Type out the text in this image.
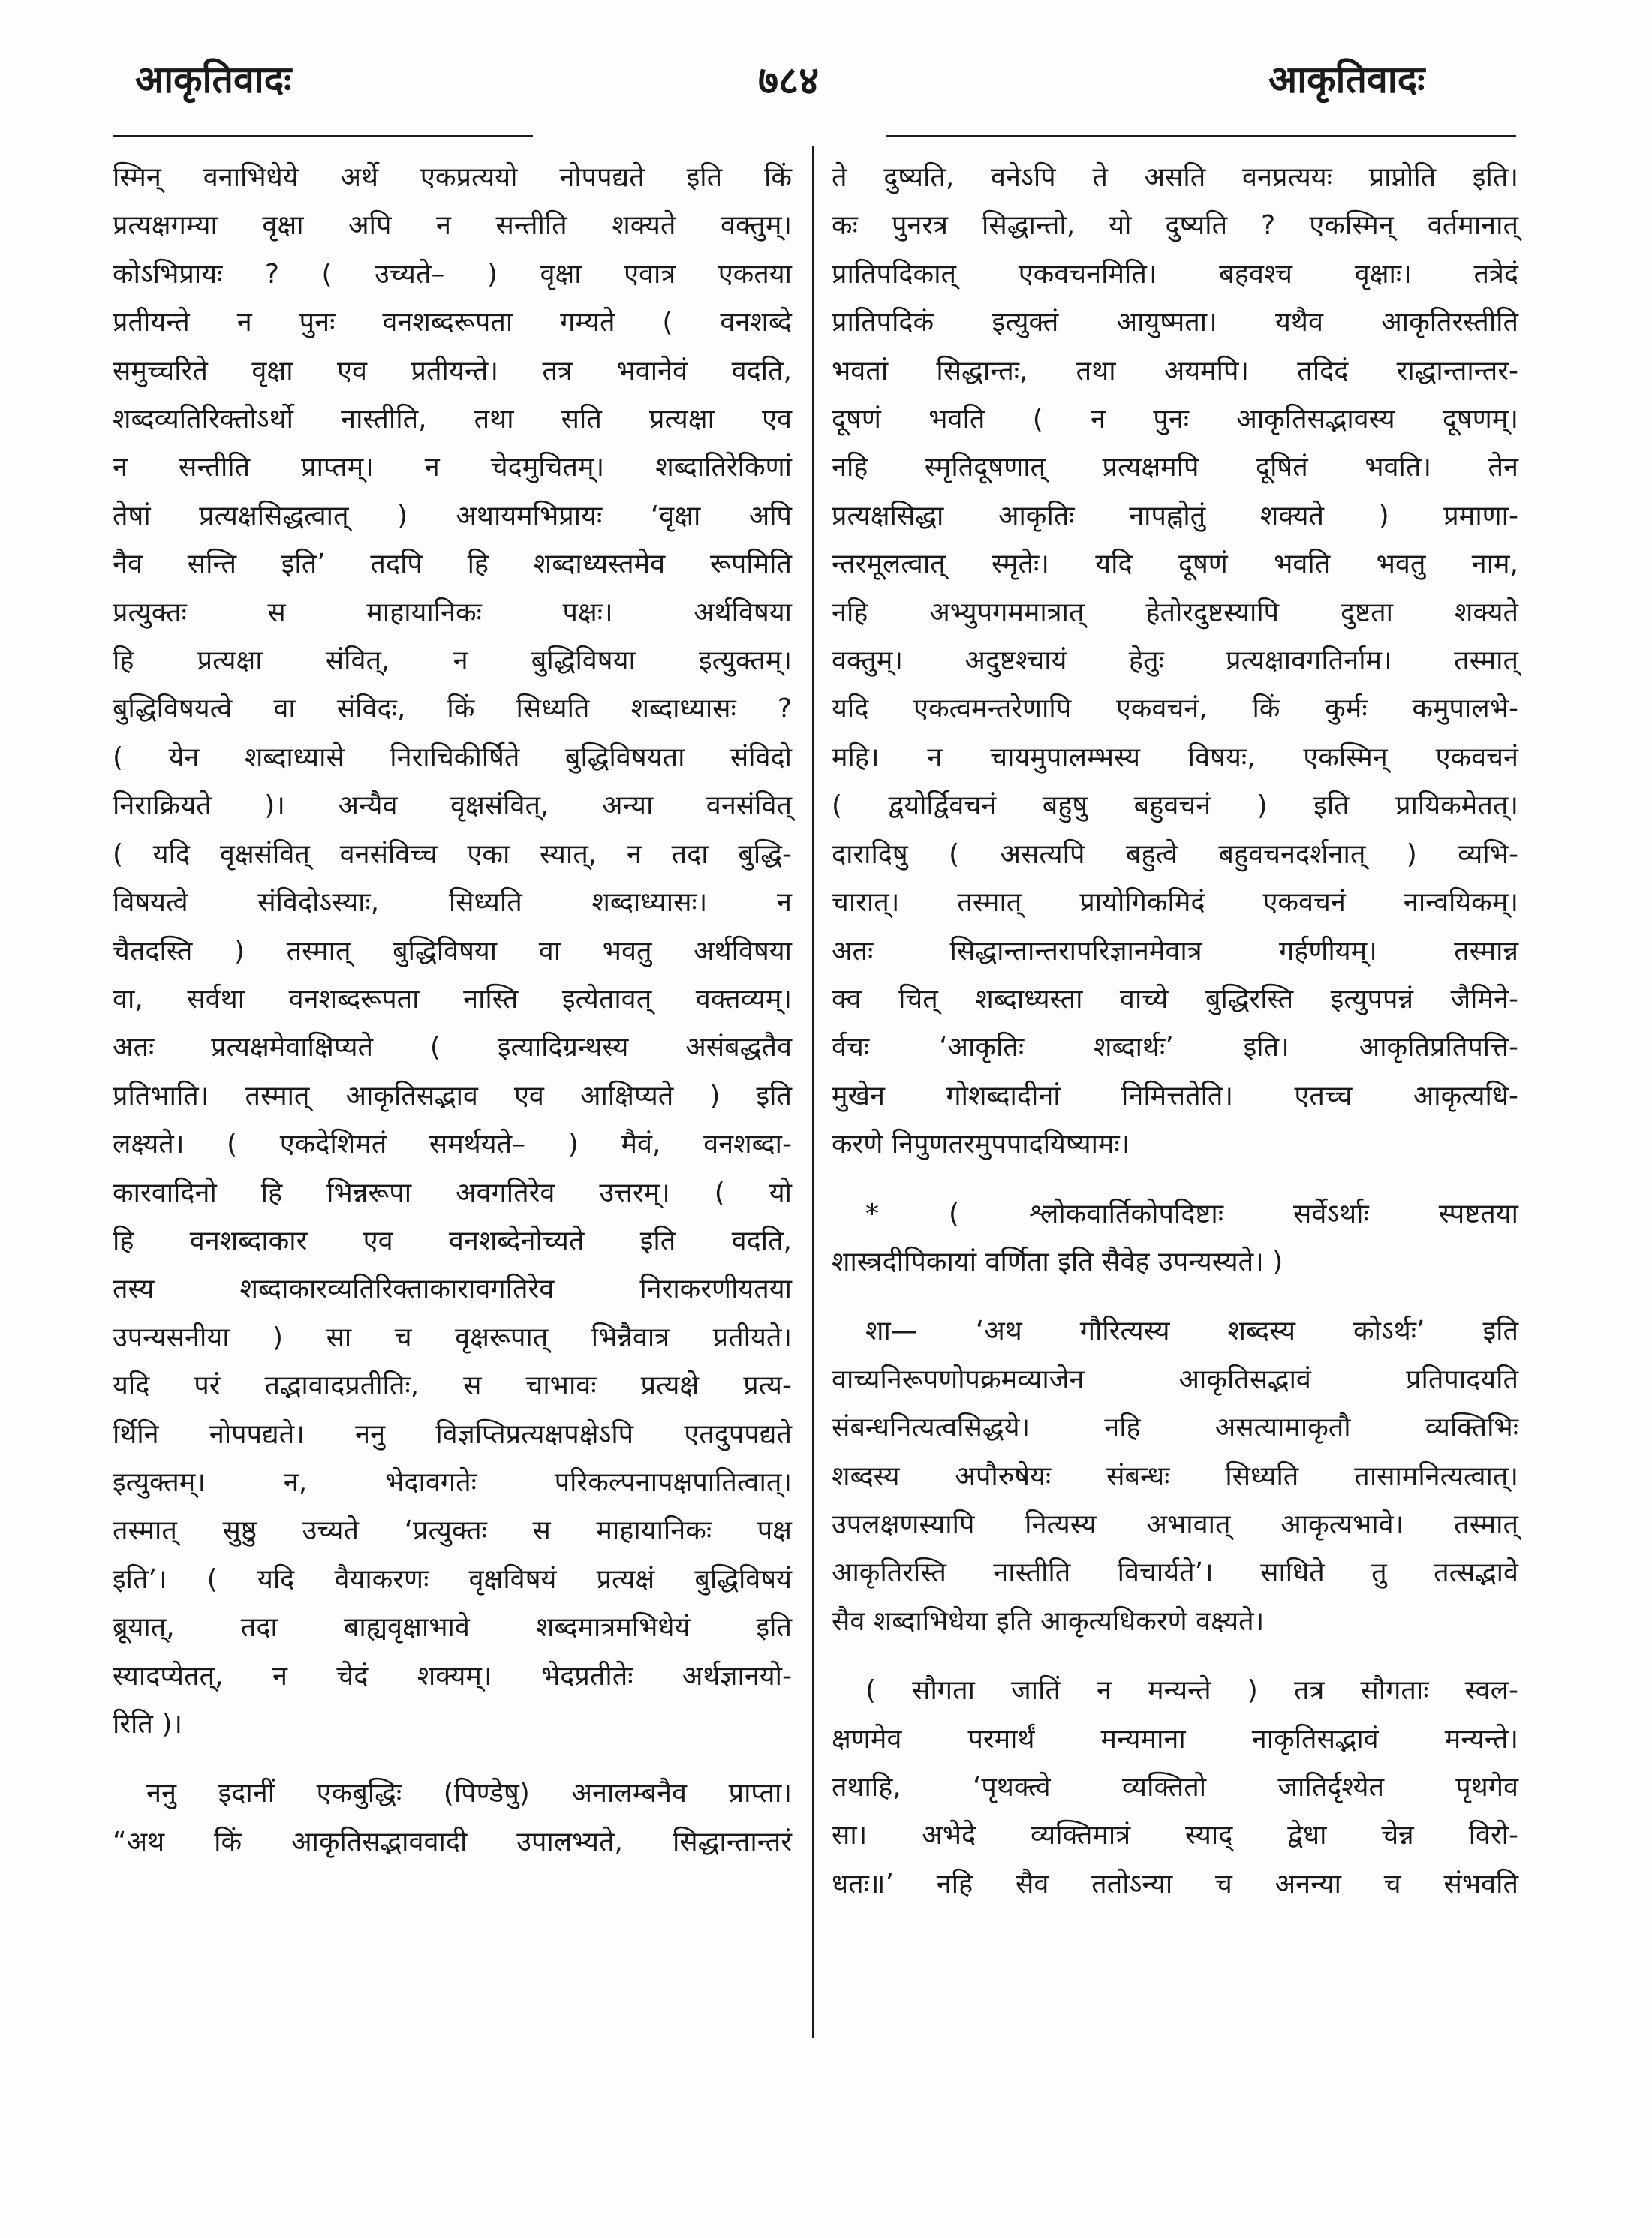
आकृतिवादः	७८४	आकृतिवादः

स्मिन् वनाभिधेये अर्थे एकप्रत्ययो नोपपद्यते इति किं

प्रत्यक्षगम्या वृक्षा अपि न सन्तीति शक्यते वक्तुम्।

कोऽभिप्रायः ? ( उच्यते– ) वृक्षा एवात्र एकतया

प्रतीयन्ते न पुनः वनशब्दरूपता गम्यते ( वनशब्दे

समुच्चरिते वृक्षा एव प्रतीयन्ते। तत्र भवानेवं वदति,

शब्दव्यतिरिक्तोऽर्थो नास्तीति, तथा सति प्रत्यक्षा एव

न सन्तीति प्राप्तम्। न चेदमुचितम्। शब्दातिरेकिणां

तेषां प्रत्यक्षसिद्धत्वात् ) अथायमभिप्रायः ‘वृक्षा अपि

नैव सन्ति इति’ तदपि हि शब्दाध्यस्तमेव रूपमिति

प्रत्युक्तः स माहायानिकः पक्षः। अर्थविषया

हि प्रत्यक्षा संवित्, न बुद्धिविषया इत्युक्तम्।

बुद्धिविषयत्वे वा संविदः, किं सिध्यति शब्दाध्यासः ?

( येन शब्दाध्यासे निराचिकीर्षिते बुद्धिविषयता संविदो

निराक्रियते )। अन्यैव वृक्षसंवित्, अन्या वनसंवित्

( यदि वृक्षसंवित् वनसंविच्च एका स्यात्, न तदा बुद्धि-

विषयत्वे संविदोऽस्याः, सिध्यति शब्दाध्यासः। न

चैतदस्ति ) तस्मात् बुद्धिविषया वा भवतु अर्थविषया

वा, सर्वथा वनशब्दरूपता नास्ति इत्येतावत् वक्तव्यम्।

अतः प्रत्यक्षमेवाक्षिप्यते ( इत्यादिग्रन्थस्य असंबद्धतैव

प्रतिभाति। तस्मात् आकृतिसद्भाव एव आक्षिप्यते ) इति

लक्ष्यते। ( एकदेशिमतं समर्थयते– ) मैवं, वनशब्दा-

कारवादिनो हि भिन्नरूपा अवगतिरेव उत्तरम्। ( यो

हि वनशब्दाकार एव वनशब्देनोच्यते इति वदति,

तस्य शब्दाकारव्यतिरिक्ताकारावगतिरेव निराकरणीयतया

उपन्यसनीया ) सा च वृक्षरूपात् भिन्नैवात्र प्रतीयते।

यदि परं तद्भावादप्रतीतिः, स चाभावः प्रत्यक्षे प्रत्य-

र्थिनि नोपपद्यते। ननु विज्ञप्तिप्रत्यक्षपक्षेऽपि एतदुपपद्यते

इत्युक्तम्। न, भेदावगतेः परिकल्पनापक्षपातित्वात्।

तस्मात् सुष्ठु उच्यते ‘प्रत्युक्तः स माहायानिकः पक्ष

इति’। ( यदि वैयाकरणः वृक्षविषयं प्रत्यक्षं बुद्धिविषयं

ब्रूयात्, तदा बाह्यवृक्षाभावे शब्दमात्रमभिधेयं इति

स्यादप्येतत्, न चेदं शक्यम्। भेदप्रतीतेः अर्थज्ञानयो-

रिति )।

ननु इदानीं एकबुद्धिः (पिण्डेषु) अनालम्बनैव प्राप्ता।

“अथ किं आकृतिसद्भाववादी उपालभ्यते, सिद्धान्तान्तरं

ते दुष्यति, वनेऽपि ते असति वनप्रत्ययः प्राप्नोति इति।

कः पुनरत्र सिद्धान्तो, यो दुष्यति ? एकस्मिन् वर्तमानात्

प्रातिपदिकात् एकवचनमिति। बहवश्च वृक्षाः। तत्रेदं

प्रातिपदिकं इत्युक्तं आयुष्मता। यथैव आकृतिरस्तीति

भवतां सिद्धान्तः, तथा अयमपि। तदिदं राद्धान्तान्तर-

दूषणं भवति ( न पुनः आकृतिसद्भावस्य दूषणम्।

नहि स्मृतिदूषणात् प्रत्यक्षमपि दूषितं भवति। तेन

प्रत्यक्षसिद्धा आकृतिः नापह्नोतुं शक्यते ) प्रमाणा-

न्तरमूलत्वात् स्मृतेः। यदि दूषणं भवति भवतु नाम,

नहि अभ्युपगममात्रात् हेतोरदुष्टस्यापि दुष्टता शक्यते

वक्तुम्। अदुष्टश्चायं हेतुः प्रत्यक्षावगतिर्नाम। तस्मात्

यदि एकत्वमन्तरेणापि एकवचनं, किं कुर्मः कमुपालभे-

महि। न चायमुपालम्भस्य विषयः, एकस्मिन् एकवचनं

( द्वयोर्द्विवचनं बहुषु बहुवचनं ) इति प्रायिकमेतत्।

दारादिषु ( असत्यपि बहुत्वे बहुवचनदर्शनात् ) व्यभि-

चारात्। तस्मात् प्रायोगिकमिदं एकवचनं नान्वयिकम्।

अतः सिद्धान्तान्तरापरिज्ञानमेवात्र गर्हणीयम्। तस्मान्न

क्व चित् शब्दाध्यस्ता वाच्ये बुद्धिरस्ति इत्युपपन्नं जैमिने-

र्वचः ‘आकृतिः शब्दार्थः’ इति। आकृतिप्रतिपत्ति-

मुखेन गोशब्दादीनां निमित्ततेति। एतच्च आकृत्यधि-

करणे निपुणतरमुपपादयिष्यामः।

* ( श्लोकवार्तिकोपदिष्टाः सर्वेऽर्थाः स्पष्टतया

शास्त्रदीपिकायां वर्णिता इति सैवेह उपन्यस्यते। )

शा— ‘अथ गौरित्यस्य शब्दस्य कोऽर्थः’ इति

वाच्यनिरूपणोपक्रमव्याजेन आकृतिसद्भावं प्रतिपादयति

संबन्धनित्यत्वसिद्धये। नहि असत्यामाकृतौ व्यक्तिभिः

शब्दस्य अपौरुषेयः संबन्धः सिध्यति तासामनित्यत्वात्।

उपलक्षणस्यापि नित्यस्य अभावात् आकृत्यभावे। तस्मात्

आकृतिरस्ति नास्तीति विचार्यते’। साधिते तु तत्सद्भावे

सैव शब्दाभिधेया इति आकृत्यधिकरणे वक्ष्यते।

( सौगता जातिं न मन्यन्ते ) तत्र सौगताः स्वल-

क्षणमेव परमार्थं मन्यमाना नाकृतिसद्भावं मन्यन्ते।

तथाहि, ‘पृथक्त्वे व्यक्तितो जातिर्दृश्येत पृथगेव

सा। अभेदे व्यक्तिमात्रं स्याद् द्वेधा चेन्न विरो-

धतः॥’ नहि सैव ततोऽन्या च अनन्या च संभवति
